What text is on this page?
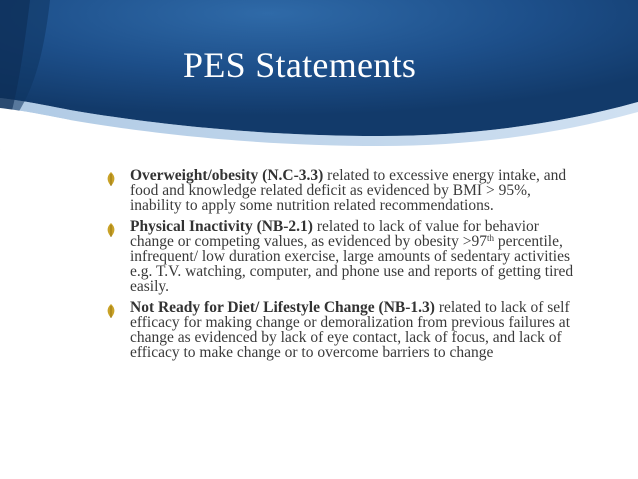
PES Statements
Overweight/obesity (N.C-3.3) related to excessive energy intake, and food and knowledge related deficit as evidenced by BMI > 95%, inability to apply some nutrition related recommendations.
Physical Inactivity (NB-2.1) related to lack of value for behavior change or competing values, as evidenced by obesity >97th percentile, infrequent/ low duration exercise, large amounts of sedentary activities e.g. T.V. watching, computer, and phone use and reports of getting tired easily.
Not Ready for Diet/ Lifestyle Change (NB-1.3) related to lack of self efficacy for making change or demoralization from previous failures at change as evidenced by lack of eye contact, lack of focus, and lack of efficacy to make change or to overcome barriers to change
